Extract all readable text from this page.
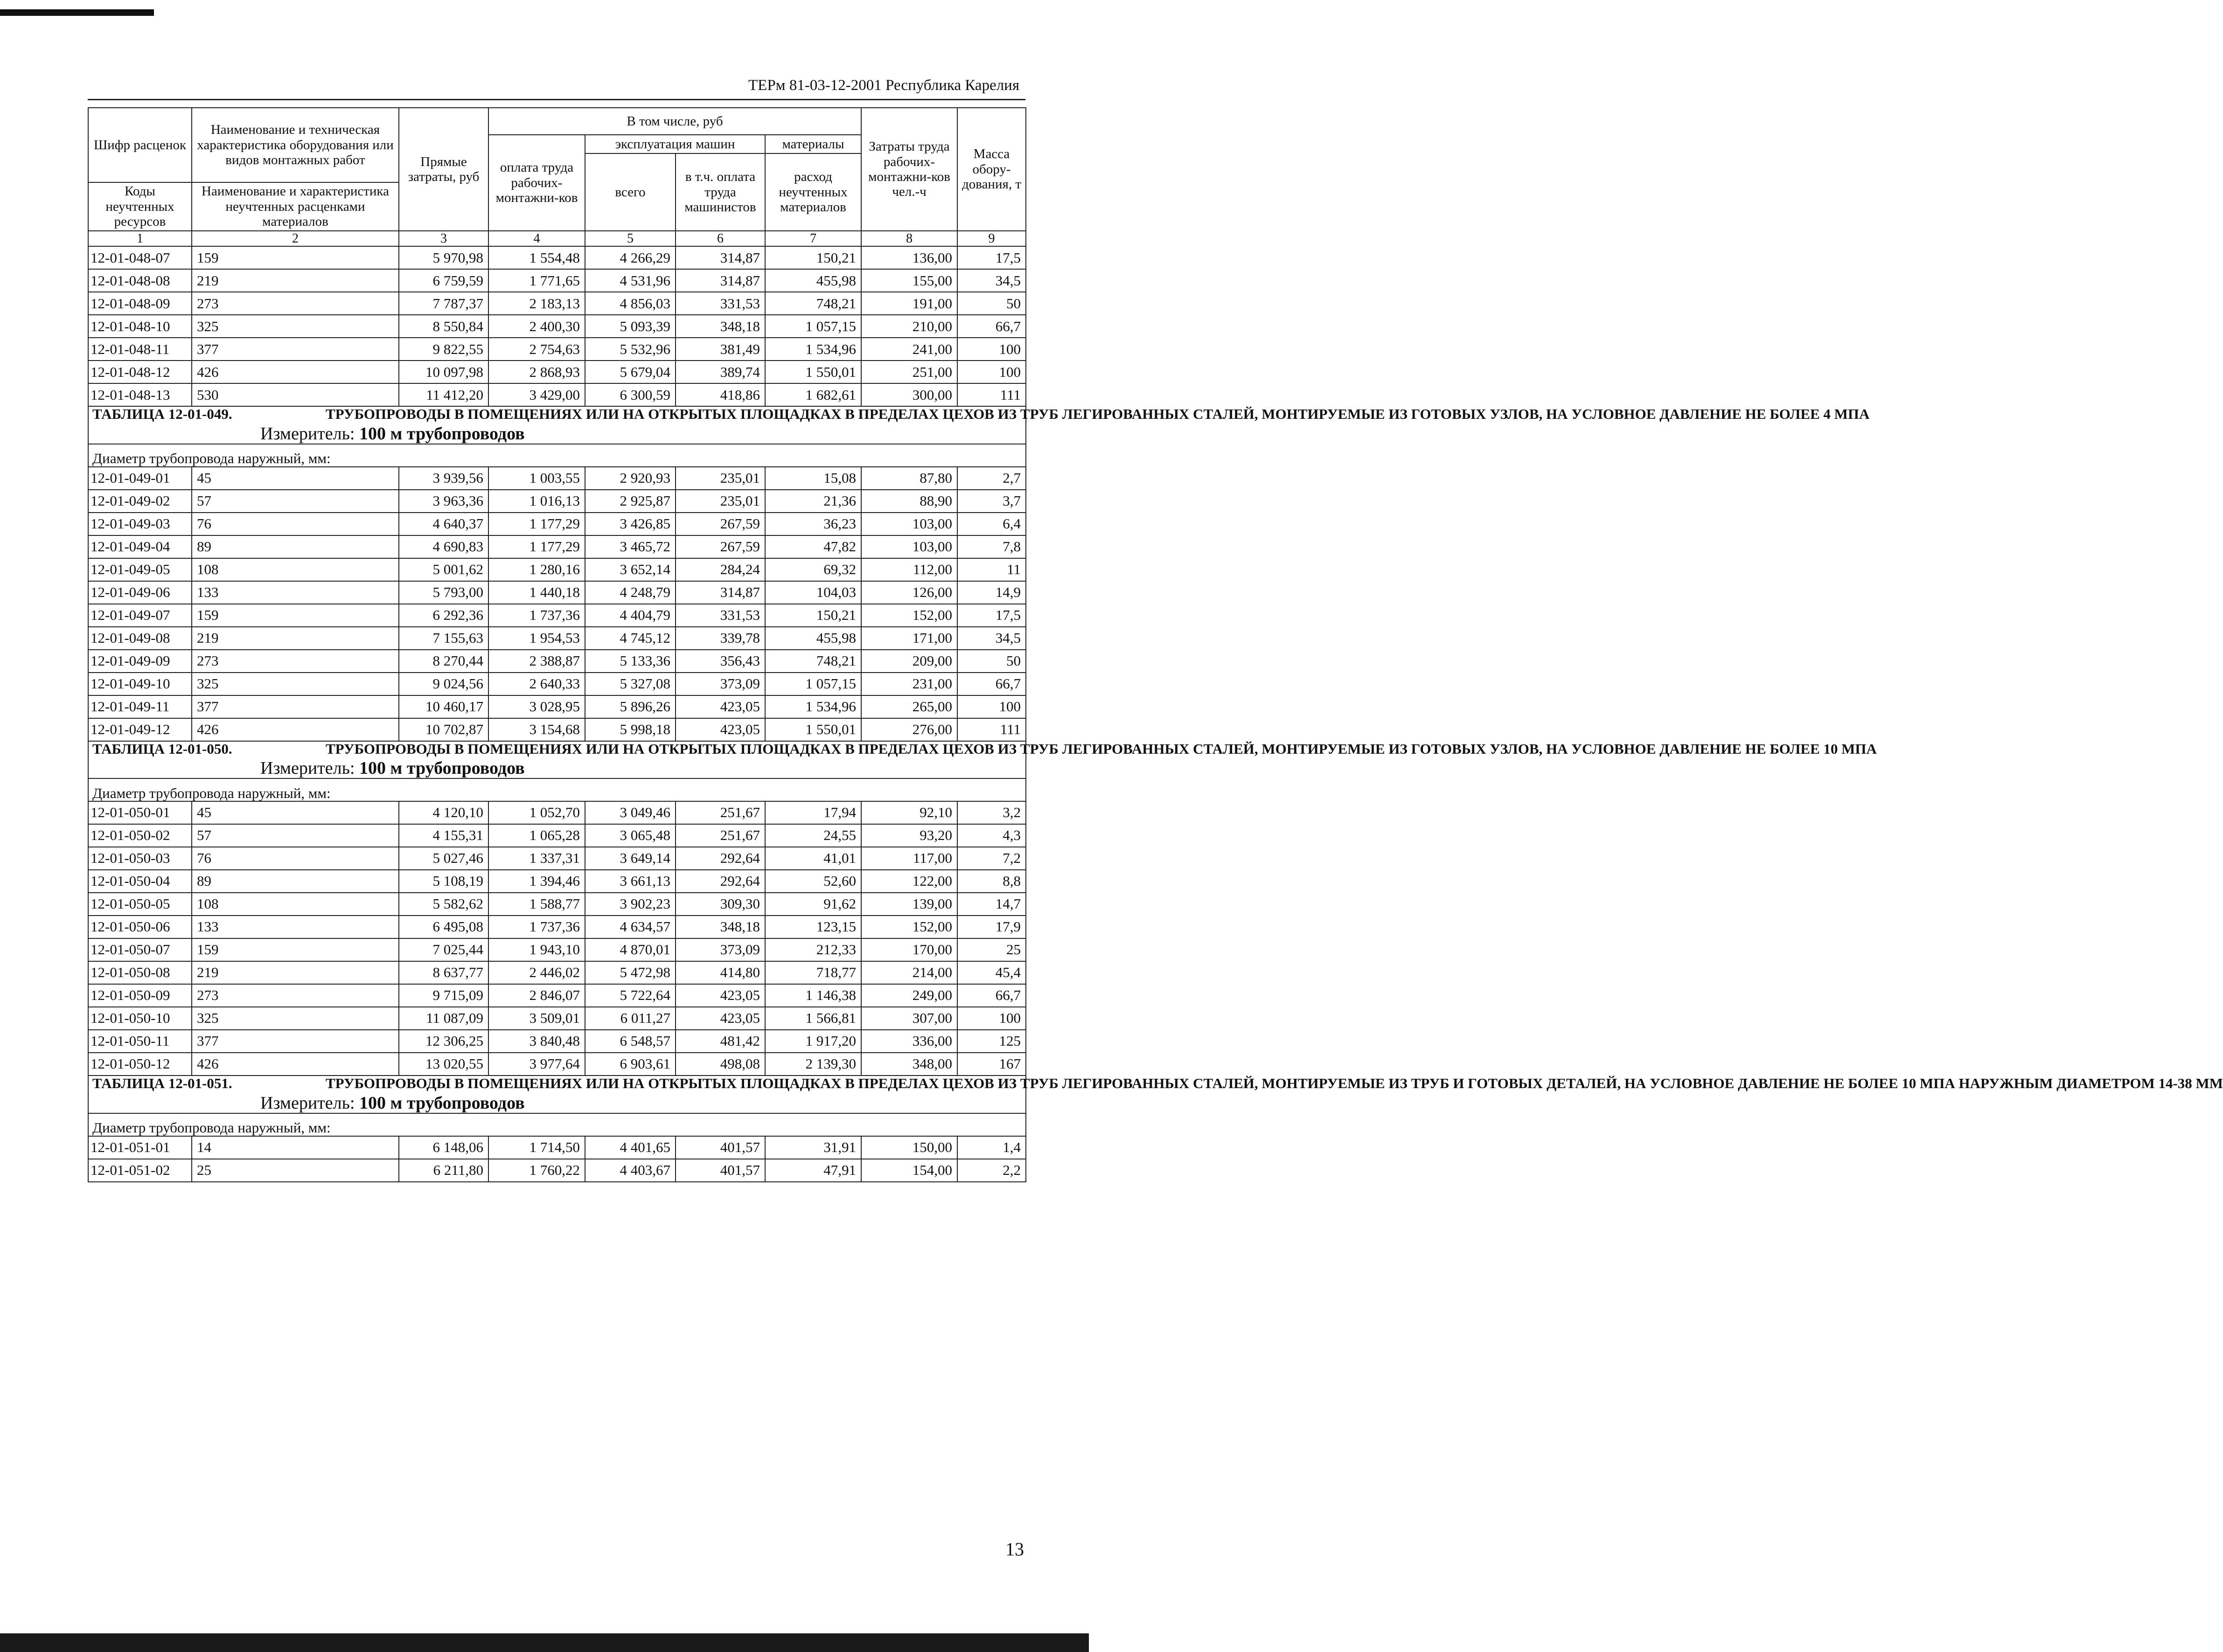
ТЕРм 81-03-12-2001 Республика Карелия
Шифр расценок	Наименование и техническая характеристика оборудования или видов монтажных работ	Прямые затраты, руб	В том числе, руб				Затраты труда рабочих-монтажни-ков чел.-ч	Масса обору-дования, т
			оплата труда рабочих-монтажни-ков	эксплуатация машин		материалы		
				всего	в т.ч. оплата труда машинистов	расход неучтенных материалов		
Коды неучтенных ресурсов	Наименование и характеристика неучтенных расценками материалов							

1	2	3	4	5	6	7	8	9
12-01-048-07	159	5 970,98	1 554,48	4 266,29	314,87	150,21	136,00	17,5
12-01-048-08	219	6 759,59	1 771,65	4 531,96	314,87	455,98	155,00	34,5
12-01-048-09	273	7 787,37	2 183,13	4 856,03	331,53	748,21	191,00	50
12-01-048-10	325	8 550,84	2 400,30	5 093,39	348,18	1 057,15	210,00	66,7
12-01-048-11	377	9 822,55	2 754,63	5 532,96	381,49	1 534,96	241,00	100
12-01-048-12	426	10 097,98	2 868,93	5 679,04	389,74	1 550,01	251,00	100
12-01-048-13	530	11 412,20	3 429,00	6 300,59	418,86	1 682,61	300,00	111
ТАБЛИЦА 12-01-049. ТРУБОПРОВОДЫ В ПОМЕЩЕНИЯХ ИЛИ НА ОТКРЫТЫХ ПЛОЩАДКАХ В ПРЕДЕЛАХ ЦЕХОВ ИЗ ТРУБ ЛЕГИРОВАННЫХ СТАЛЕЙ, МОНТИРУЕМЫЕ ИЗ ГОТОВЫХ УЗЛОВ, НА УСЛОВНОЕ ДАВЛЕНИЕ НЕ БОЛЕЕ 4 МПА
Измеритель: 100 м трубопроводов								

Диаметр трубопровода наружный, мм:								
12-01-049-01	45	3 939,56	1 003,55	2 920,93	235,01	15,08	87,80	2,7
12-01-049-02	57	3 963,36	1 016,13	2 925,87	235,01	21,36	88,90	3,7
12-01-049-03	76	4 640,37	1 177,29	3 426,85	267,59	36,23	103,00	6,4
12-01-049-04	89	4 690,83	1 177,29	3 465,72	267,59	47,82	103,00	7,8
12-01-049-05	108	5 001,62	1 280,16	3 652,14	284,24	69,32	112,00	11
12-01-049-06	133	5 793,00	1 440,18	4 248,79	314,87	104,03	126,00	14,9
12-01-049-07	159	6 292,36	1 737,36	4 404,79	331,53	150,21	152,00	17,5
12-01-049-08	219	7 155,63	1 954,53	4 745,12	339,78	455,98	171,00	34,5
12-01-049-09	273	8 270,44	2 388,87	5 133,36	356,43	748,21	209,00	50
12-01-049-10	325	9 024,56	2 640,33	5 327,08	373,09	1 057,15	231,00	66,7
12-01-049-11	377	10 460,17	3 028,95	5 896,26	423,05	1 534,96	265,00	100
12-01-049-12	426	10 702,87	3 154,68	5 998,18	423,05	1 550,01	276,00	111
ТАБЛИЦА 12-01-050. ТРУБОПРОВОДЫ В ПОМЕЩЕНИЯХ ИЛИ НА ОТКРЫТЫХ ПЛОЩАДКАХ В ПРЕДЕЛАХ ЦЕХОВ ИЗ ТРУБ ЛЕГИРОВАННЫХ СТАЛЕЙ, МОНТИРУЕМЫЕ ИЗ ГОТОВЫХ УЗЛОВ, НА УСЛОВНОЕ ДАВЛЕНИЕ НЕ БОЛЕЕ 10 МПА
Измеритель: 100 м трубопроводов								

Диаметр трубопровода наружный, мм:								
12-01-050-01	45	4 120,10	1 052,70	3 049,46	251,67	17,94	92,10	3,2
12-01-050-02	57	4 155,31	1 065,28	3 065,48	251,67	24,55	93,20	4,3
12-01-050-03	76	5 027,46	1 337,31	3 649,14	292,64	41,01	117,00	7,2
12-01-050-04	89	5 108,19	1 394,46	3 661,13	292,64	52,60	122,00	8,8
12-01-050-05	108	5 582,62	1 588,77	3 902,23	309,30	91,62	139,00	14,7
12-01-050-06	133	6 495,08	1 737,36	4 634,57	348,18	123,15	152,00	17,9
12-01-050-07	159	7 025,44	1 943,10	4 870,01	373,09	212,33	170,00	25
12-01-050-08	219	8 637,77	2 446,02	5 472,98	414,80	718,77	214,00	45,4
12-01-050-09	273	9 715,09	2 846,07	5 722,64	423,05	1 146,38	249,00	66,7
12-01-050-10	325	11 087,09	3 509,01	6 011,27	423,05	1 566,81	307,00	100
12-01-050-11	377	12 306,25	3 840,48	6 548,57	481,42	1 917,20	336,00	125
12-01-050-12	426	13 020,55	3 977,64	6 903,61	498,08	2 139,30	348,00	167
ТАБЛИЦА 12-01-051. ТРУБОПРОВОДЫ В ПОМЕЩЕНИЯХ ИЛИ НА ОТКРЫТЫХ ПЛОЩАДКАХ В ПРЕДЕЛАХ ЦЕХОВ ИЗ ТРУБ ЛЕГИРОВАННЫХ СТАЛЕЙ, МОНТИРУЕМЫЕ ИЗ ТРУБ И ГОТОВЫХ ДЕТАЛЕЙ, НА УСЛОВНОЕ ДАВЛЕНИЕ НЕ БОЛЕЕ 10 МПА НАРУЖНЫМ ДИАМЕТРОМ 14-38 ММ
Измеритель: 100 м трубопроводов								

Диаметр трубопровода наружный, мм:								
12-01-051-01	14	6 148,06	1 714,50	4 401,65	401,57	31,91	150,00	1,4
12-01-051-02	25	6 211,80	1 760,22	4 403,67	401,57	47,91	154,00	2,2
13
